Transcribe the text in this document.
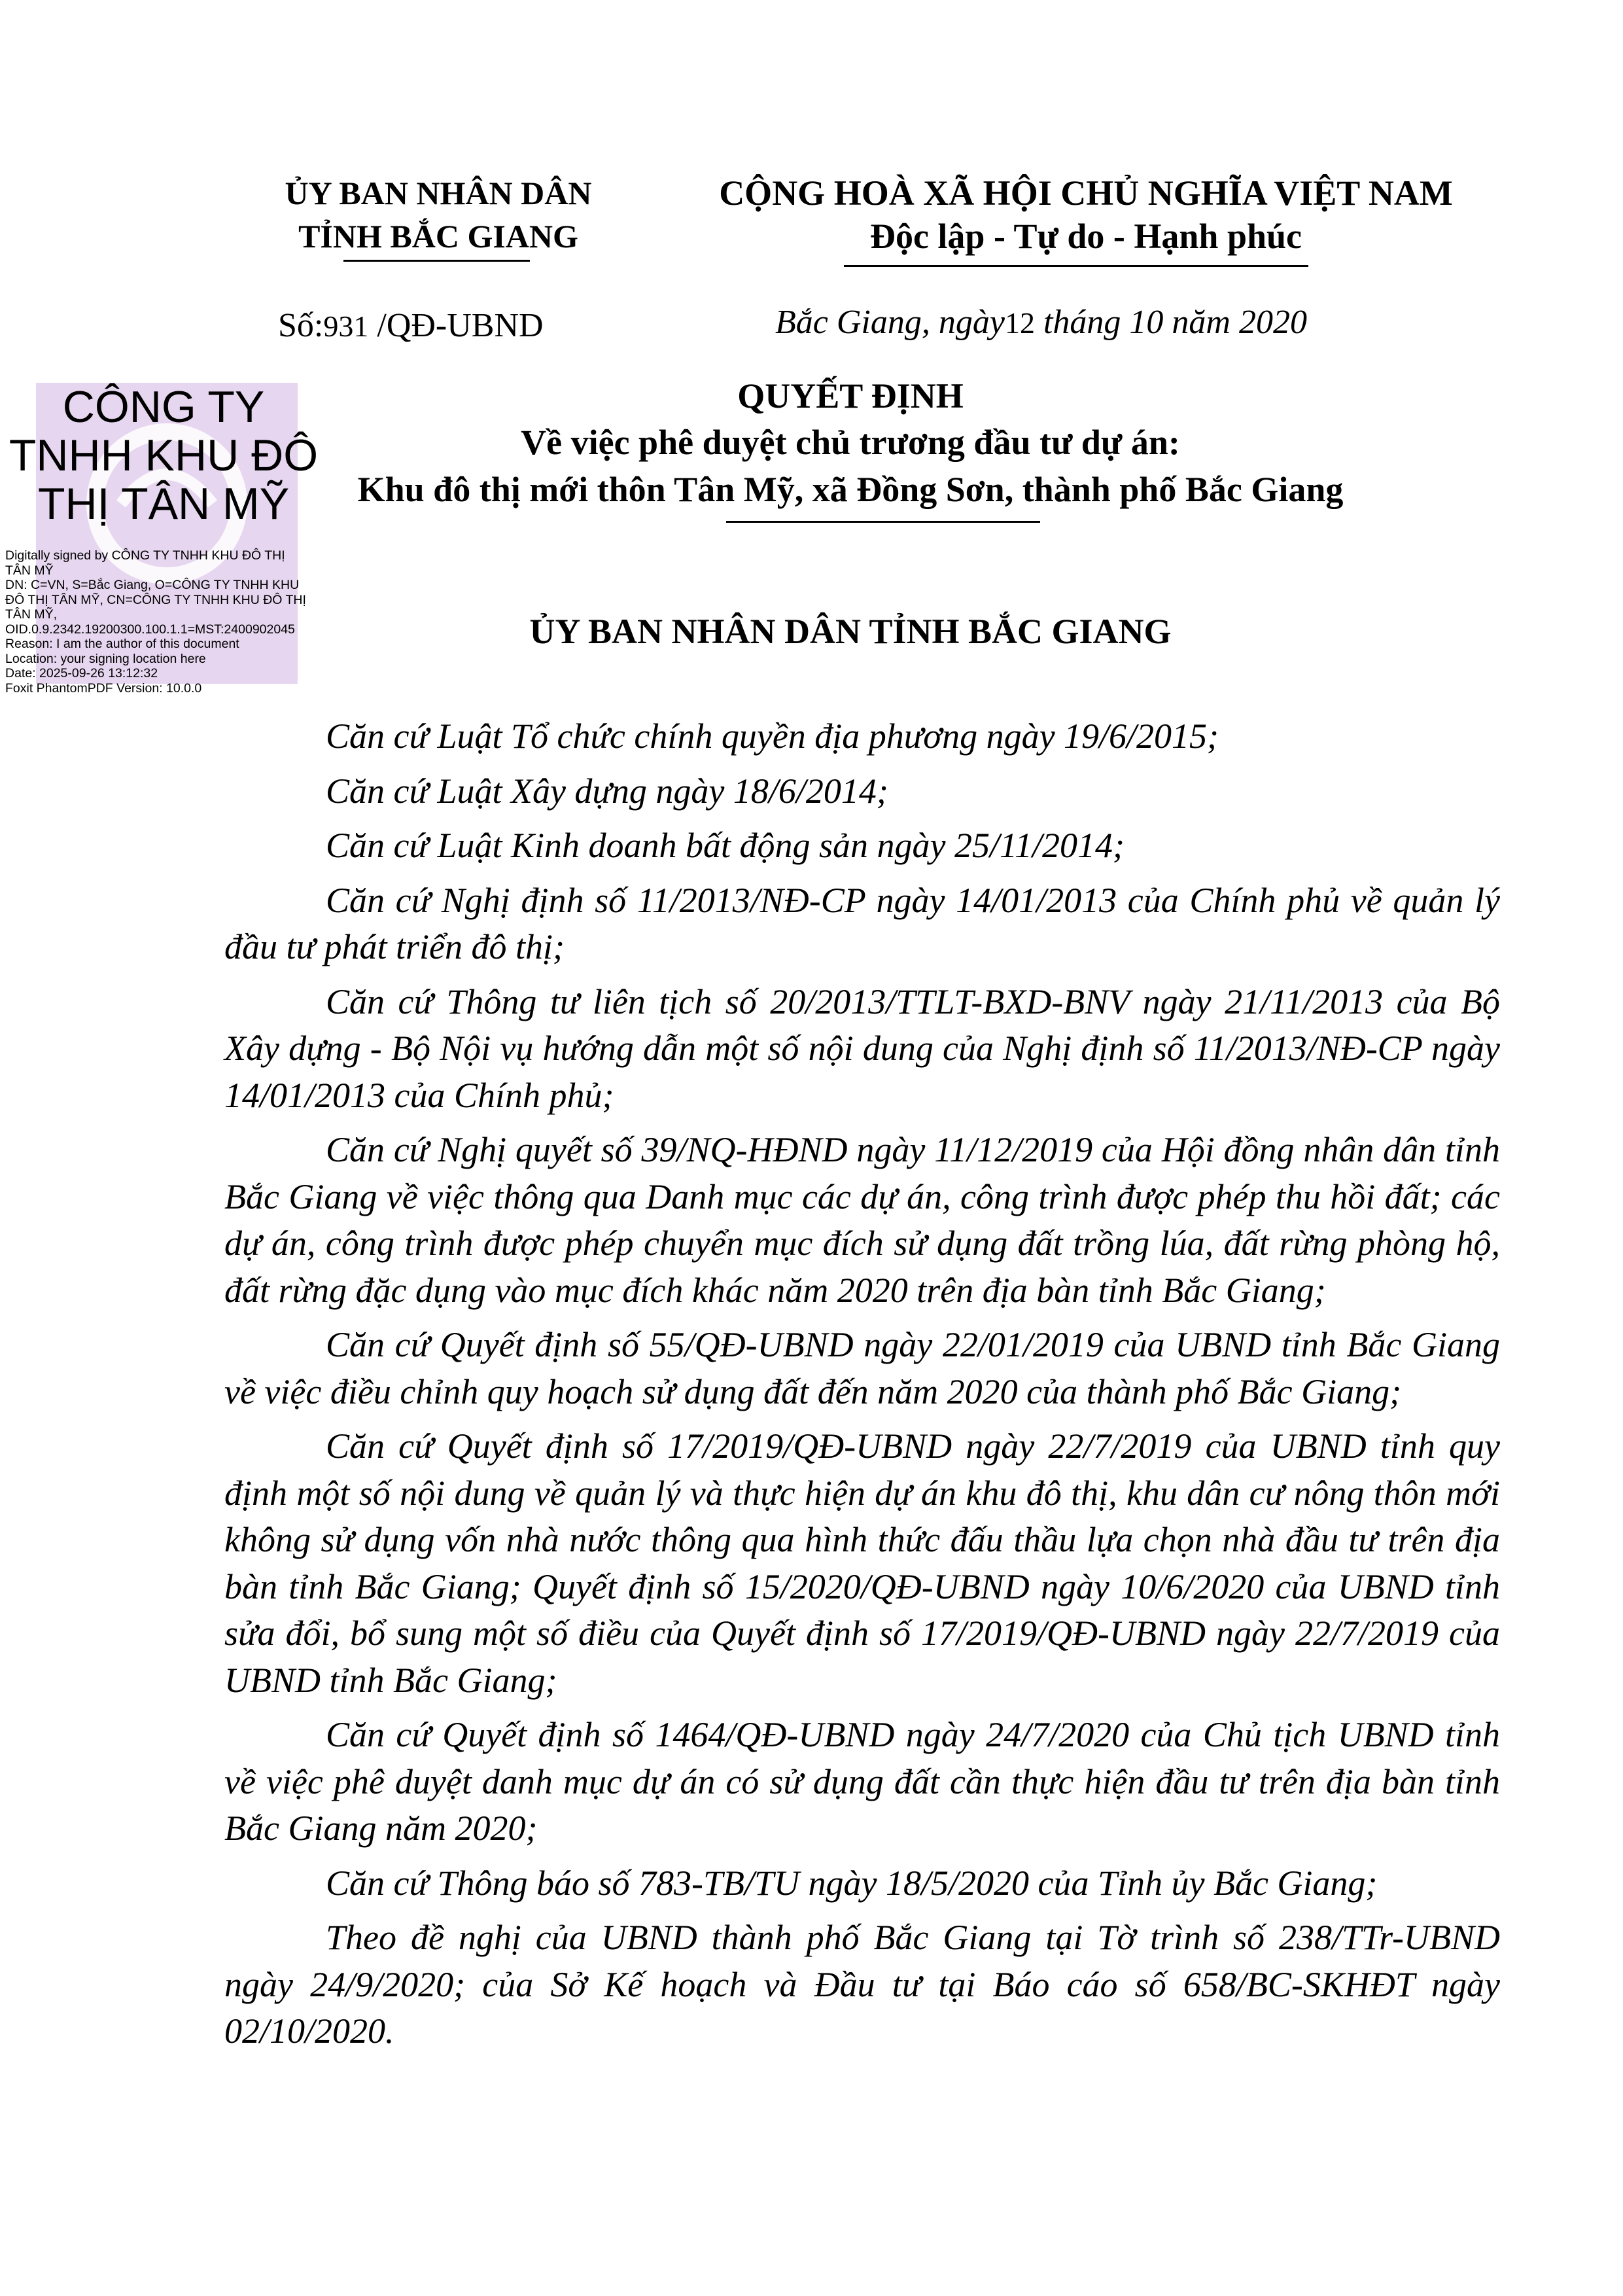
CÔNG TY
TNHH KHU ĐÔ
THỊ TÂN MỸ
Digitally signed by CÔNG TY TNHH KHU ĐÔ THỊ TÂN MỸ
DN: C=VN, S=Bắc Giang, O=CÔNG TY TNHH KHU ĐÔ THỊ TÂN MỸ, CN=CÔNG TY TNHH KHU ĐÔ THỊ TÂN MỸ, OID.0.9.2342.19200300.100.1.1=MST:2400902045
Reason: I am the author of this document
Location: your signing location here
Date: 2025-09-26 13:12:32
Foxit PhantomPDF Version: 10.0.0
ỦY BAN NHÂN DÂN
TỈNH BẮC GIANG
CỘNG HOÀ XÃ HỘI CHỦ NGHĨA VIỆT NAM
Độc lập - Tự do - Hạnh phúc
Số:931 /QĐ-UBND	Bắc Giang, ngày12 tháng 10 năm 2020
QUYẾT ĐỊNH
Về việc phê duyệt chủ trương đầu tư dự án:
Khu đô thị mới thôn Tân Mỹ, xã Đồng Sơn, thành phố Bắc Giang
ỦY BAN NHÂN DÂN TỈNH BẮC GIANG

Căn cứ Luật Tổ chức chính quyền địa phương ngày 19/6/2015;

Căn cứ Luật Xây dựng ngày 18/6/2014;

Căn cứ Luật Kinh doanh bất động sản ngày 25/11/2014;

Căn cứ Nghị định số 11/2013/NĐ-CP ngày 14/01/2013 của Chính phủ về quản lý đầu tư phát triển đô thị;

Căn cứ Thông tư liên tịch số 20/2013/TTLT-BXD-BNV ngày 21/11/2013 của Bộ Xây dựng - Bộ Nội vụ hướng dẫn một số nội dung của Nghị định số 11/2013/NĐ-CP ngày 14/01/2013 của Chính phủ;

Căn cứ Nghị quyết số 39/NQ-HĐND ngày 11/12/2019 của Hội đồng nhân dân tỉnh Bắc Giang về việc thông qua Danh mục các dự án, công trình được phép thu hồi đất; các dự án, công trình được phép chuyển mục đích sử dụng đất trồng lúa, đất rừng phòng hộ, đất rừng đặc dụng vào mục đích khác năm 2020 trên địa bàn tỉnh Bắc Giang;

Căn cứ Quyết định số 55/QĐ-UBND ngày 22/01/2019 của UBND tỉnh Bắc Giang về việc điều chỉnh quy hoạch sử dụng đất đến năm 2020 của thành phố Bắc Giang;

Căn cứ Quyết định số 17/2019/QĐ-UBND ngày 22/7/2019 của UBND tỉnh quy định một số nội dung về quản lý và thực hiện dự án khu đô thị, khu dân cư nông thôn mới không sử dụng vốn nhà nước thông qua hình thức đấu thầu lựa chọn nhà đầu tư trên địa bàn tỉnh Bắc Giang; Quyết định số 15/2020/QĐ-UBND ngày 10/6/2020 của UBND tỉnh sửa đổi, bổ sung một số điều của Quyết định số 17/2019/QĐ-UBND ngày 22/7/2019 của UBND tỉnh Bắc Giang;

Căn cứ Quyết định số 1464/QĐ-UBND ngày 24/7/2020 của Chủ tịch UBND tỉnh về việc phê duyệt danh mục dự án có sử dụng đất cần thực hiện đầu tư trên địa bàn tỉnh Bắc Giang năm 2020;

Căn cứ Thông báo số 783-TB/TU ngày 18/5/2020 của Tỉnh ủy Bắc Giang;

Theo đề nghị của UBND thành phố Bắc Giang tại Tờ trình số 238/TTr-UBND ngày 24/9/2020; của Sở Kế hoạch và Đầu tư tại Báo cáo số 658/BC-SKHĐT ngày 02/10/2020.
